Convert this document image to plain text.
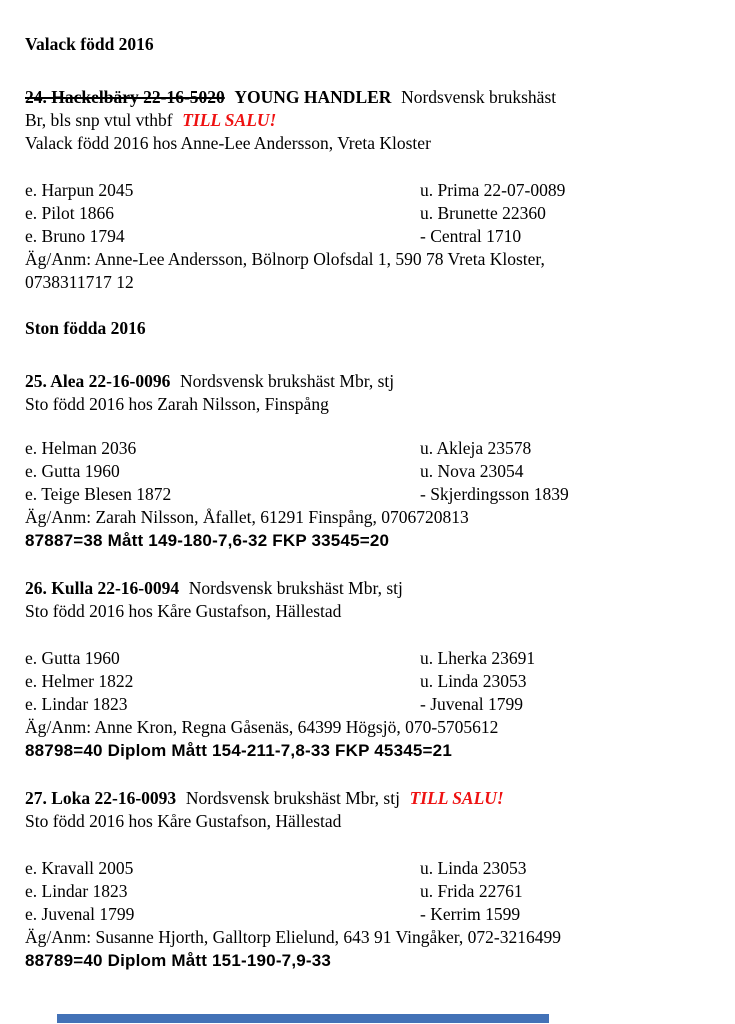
Valack född 2016
24. Hackelbäry 22-16-5020 YOUNG HANDLER Nordsvensk brukshäst
Br, bls snp vtul vthbf TILL SALU!
Valack född 2016 hos Anne-Lee Andersson, Vreta Kloster
e. Harpun 2045	u. Prima 22-07-0089
e. Pilot 1866	u. Brunette 22360
e. Bruno 1794	- Central 1710
Äg/Anm: Anne-Lee Andersson, Bölnorp Olofsdal 1, 590 78 Vreta Kloster,
0738311717 12
Ston födda 2016
25. Alea 22-16-0096 Nordsvensk brukshäst Mbr, stj
Sto född 2016 hos Zarah Nilsson, Finspång
e. Helman 2036	u. Akleja 23578
e. Gutta 1960	u. Nova 23054
e. Teige Blesen 1872	- Skjerdingsson 1839
Äg/Anm: Zarah Nilsson, Åfallet, 61291 Finspång, 0706720813
87887=38 Mått 149-180-7,6-32 FKP 33545=20
26. Kulla 22-16-0094 Nordsvensk brukshäst Mbr, stj
Sto född 2016 hos Kåre Gustafson, Hällestad
e. Gutta 1960	u. Lherka 23691
e. Helmer 1822	u. Linda 23053
e. Lindar 1823	- Juvenal 1799
Äg/Anm: Anne Kron, Regna Gåsenäs, 64399 Högsjö, 070-5705612
88798=40 Diplom Mått 154-211-7,8-33 FKP 45345=21
27. Loka 22-16-0093 Nordsvensk brukshäst Mbr, stj TILL SALU!
Sto född 2016 hos Kåre Gustafson, Hällestad
e. Kravall 2005	u. Linda 23053
e. Lindar 1823	u. Frida 22761
e. Juvenal 1799	- Kerrim 1599
Äg/Anm: Susanne Hjorth, Galltorp Elielund, 643 91 Vingåker, 072-3216499
88789=40 Diplom Mått 151-190-7,9-33
